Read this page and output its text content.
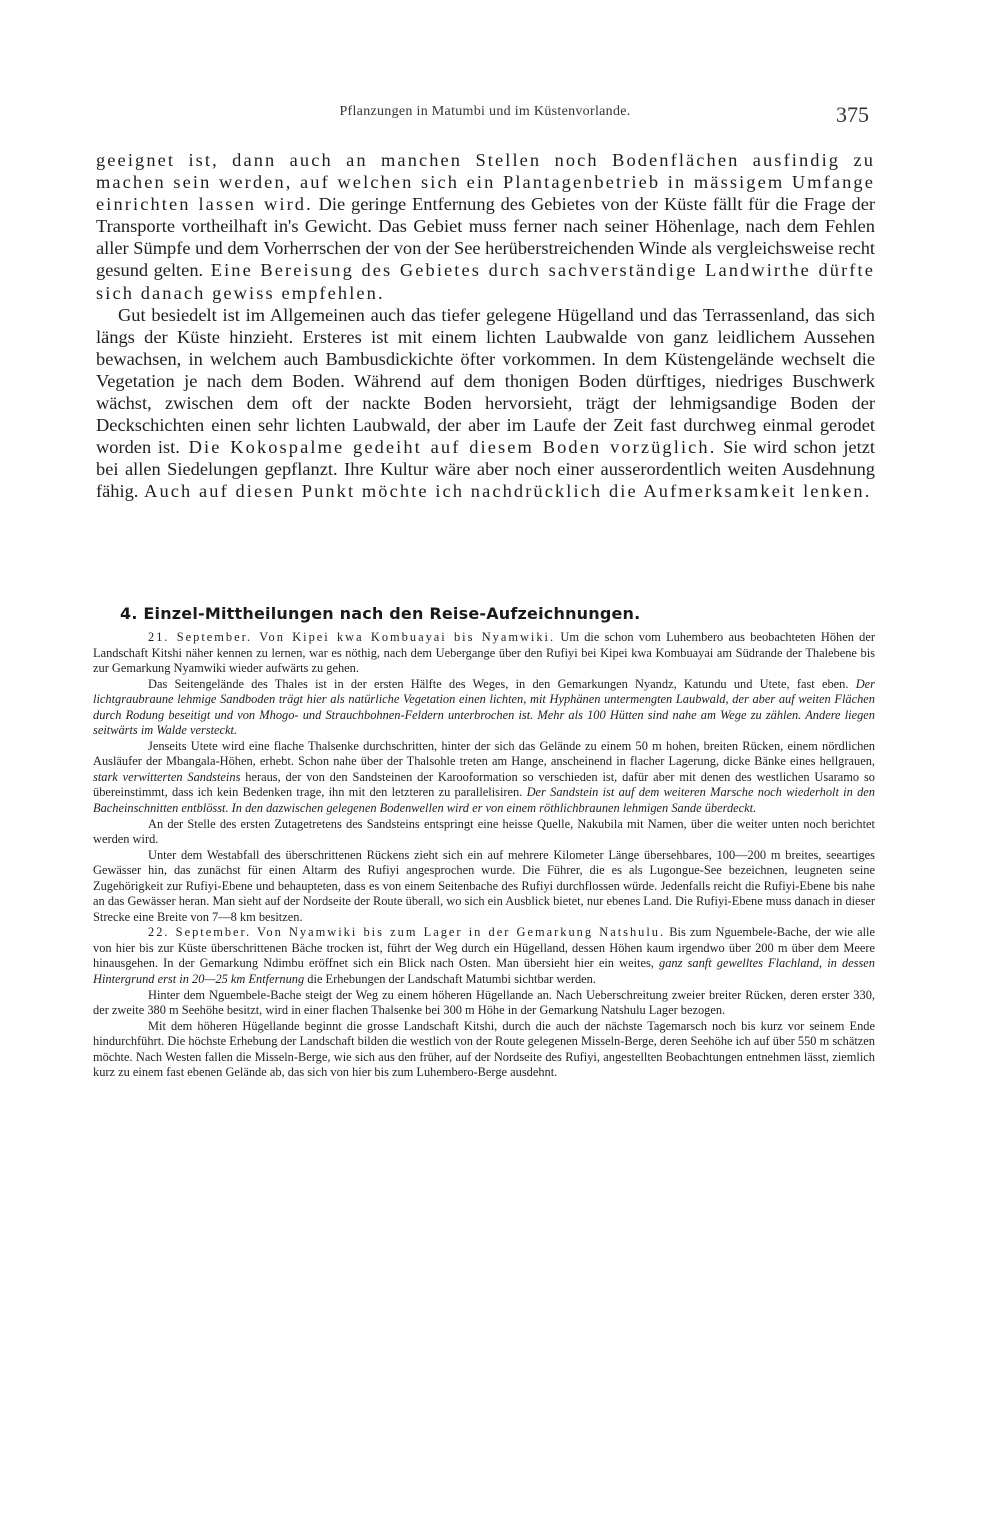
Pflanzungen in Matumbi und im Küstenvorlande.	375

geeignet ist, dann auch an manchen Stellen noch Bodenflächen ausfindig zu machen sein werden, auf welchen sich ein Plantagenbetrieb in mässigem Umfange einrichten lassen wird. Die geringe Entfernung des Gebietes von der Küste fällt für die Frage der Transporte vortheilhaft in's Gewicht. Das Gebiet muss ferner nach seiner Höhenlage, nach dem Fehlen aller Sümpfe und dem Vorherrschen der von der See herüberstreichenden Winde als vergleichsweise recht gesund gelten. Eine Bereisung des Gebietes durch sachverständige Landwirthe dürfte sich danach gewiss empfehlen.

Gut besiedelt ist im Allgemeinen auch das tiefer gelegene Hügelland und das Terrassenland, das sich längs der Küste hinzieht. Ersteres ist mit einem lichten Laubwalde von ganz leidlichem Aussehen bewachsen, in welchem auch Bambusdickichte öfter vorkommen. In dem Küstengelände wechselt die Vegetation je nach dem Boden. Während auf dem thonigen Boden dürftiges, niedriges Buschwerk wächst, zwischen dem oft der nackte Boden hervorsieht, trägt der lehmigsandige Boden der Deckschichten einen sehr lichten Laubwald, der aber im Laufe der Zeit fast durchweg einmal gerodet worden ist. Die Kokospalme gedeiht auf diesem Boden vorzüglich. Sie wird schon jetzt bei allen Siedelungen gepflanzt. Ihre Kultur wäre aber noch einer ausserordentlich weiten Ausdehnung fähig. Auch auf diesen Punkt möchte ich nachdrücklich die Aufmerksamkeit lenken.

4. Einzel-Mittheilungen nach den Reise-Aufzeichnungen.

21. September. Von Kipei kwa Kombuayai bis Nyamwiki. Um die schon vom Luhembero aus beobachteten Höhen der Landschaft Kitshi näher kennen zu lernen, war es nöthig, nach dem Uebergange über den Rufiyi bei Kipei kwa Kombuayai am Südrande der Thalebene bis zur Gemarkung Nyamwiki wieder aufwärts zu gehen.

Das Seitengelände des Thales ist in der ersten Hälfte des Weges, in den Gemarkungen Nyandz, Katundu und Utete, fast eben. Der lichtgraubraune lehmige Sandboden trägt hier als natürliche Vegetation einen lichten, mit Hyphänen untermengten Laubwald, der aber auf weiten Flächen durch Rodung beseitigt und von Mhogo- und Strauchbohnen-Feldern unterbrochen ist. Mehr als 100 Hütten sind nahe am Wege zu zählen. Andere liegen seitwärts im Walde versteckt.

Jenseits Utete wird eine flache Thalsenke durchschritten, hinter der sich das Gelände zu einem 50 m hohen, breiten Rücken, einem nördlichen Ausläufer der Mbangala-Höhen, erhebt. Schon nahe über der Thalsohle treten am Hange, anscheinend in flacher Lagerung, dicke Bänke eines hellgrauen, stark verwitterten Sandsteins heraus, der von den Sandsteinen der Karooformation so verschieden ist, dafür aber mit denen des westlichen Usaramo so übereinstimmt, dass ich kein Bedenken trage, ihn mit den letzteren zu parallelisiren. Der Sandstein ist auf dem weiteren Marsche noch wiederholt in den Bacheinschnitten entblösst. In den dazwischen gelegenen Bodenwellen wird er von einem röthlichbraunen lehmigen Sande überdeckt.

An der Stelle des ersten Zutagetretens des Sandsteins entspringt eine heisse Quelle, Nakubila mit Namen, über die weiter unten noch berichtet werden wird.

Unter dem Westabfall des überschrittenen Rückens zieht sich ein auf mehrere Kilometer Länge übersehbares, 100—200 m breites, seeartiges Gewässer hin, das zunächst für einen Altarm des Rufiyi angesprochen wurde. Die Führer, die es als Lugongue-See bezeichnen, leugneten seine Zugehörigkeit zur Rufiyi-Ebene und behaupteten, dass es von einem Seitenbache des Rufiyi durchflossen würde. Jedenfalls reicht die Rufiyi-Ebene bis nahe an das Gewässer heran. Man sieht auf der Nordseite der Route überall, wo sich ein Ausblick bietet, nur ebenes Land. Die Rufiyi-Ebene muss danach in dieser Strecke eine Breite von 7—8 km besitzen.

22. September. Von Nyamwiki bis zum Lager in der Gemarkung Natshulu. Bis zum Nguembele-Bache, der wie alle von hier bis zur Küste überschrittenen Bäche trocken ist, führt der Weg durch ein Hügelland, dessen Höhen kaum irgendwo über 200 m über dem Meere hinausgehen. In der Gemarkung Ndimbu eröffnet sich ein Blick nach Osten. Man übersieht hier ein weites, ganz sanft gewelltes Flachland, in dessen Hintergrund erst in 20—25 km Entfernung die Erhebungen der Landschaft Matumbi sichtbar werden.

Hinter dem Nguembele-Bache steigt der Weg zu einem höheren Hügellande an. Nach Ueberschreitung zweier breiter Rücken, deren erster 330, der zweite 380 m Seehöhe besitzt, wird in einer flachen Thalsenke bei 300 m Höhe in der Gemarkung Natshulu Lager bezogen.

Mit dem höheren Hügellande beginnt die grosse Landschaft Kitshi, durch die auch der nächste Tagemarsch noch bis kurz vor seinem Ende hindurchführt. Die höchste Erhebung der Landschaft bilden die westlich von der Route gelegenen Misseln-Berge, deren Seehöhe ich auf über 550 m schätzen möchte. Nach Westen fallen die Misseln-Berge, wie sich aus den früher, auf der Nordseite des Rufiyi, angestellten Beobachtungen entnehmen lässt, ziemlich kurz zu einem fast ebenen Gelände ab, das sich von hier bis zum Luhembero-Berge ausdehnt.
